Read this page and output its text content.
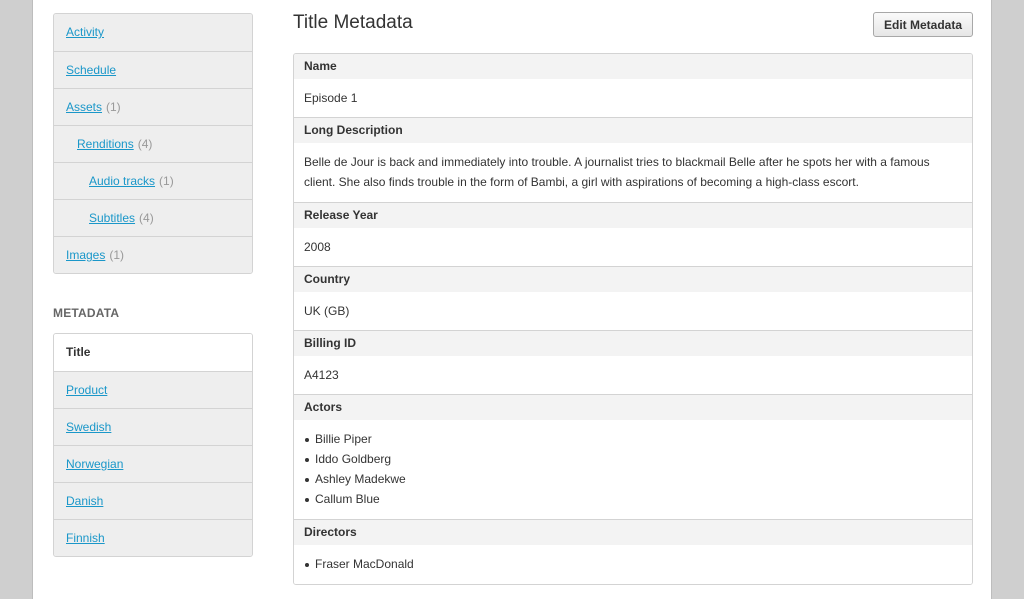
Activity
Schedule
Assets (1)
Renditions (4)
Audio tracks (1)
Subtitles (4)
Images (1)
METADATA
Title
Product
Swedish
Norwegian
Danish
Finnish
Title Metadata	Edit Metadata
Name
Episode 1
Long Description
Belle de Jour is back and immediately into trouble. A journalist tries to blackmail Belle after he spots her with a famous client. She also finds trouble in the form of Bambi, a girl with aspirations of becoming a high-class escort.
Release Year
2008
Country
UK (GB)
Billing ID
A4123
Actors
Billie Piper
Iddo Goldberg
Ashley Madekwe
Callum Blue
Directors
Fraser MacDonald
